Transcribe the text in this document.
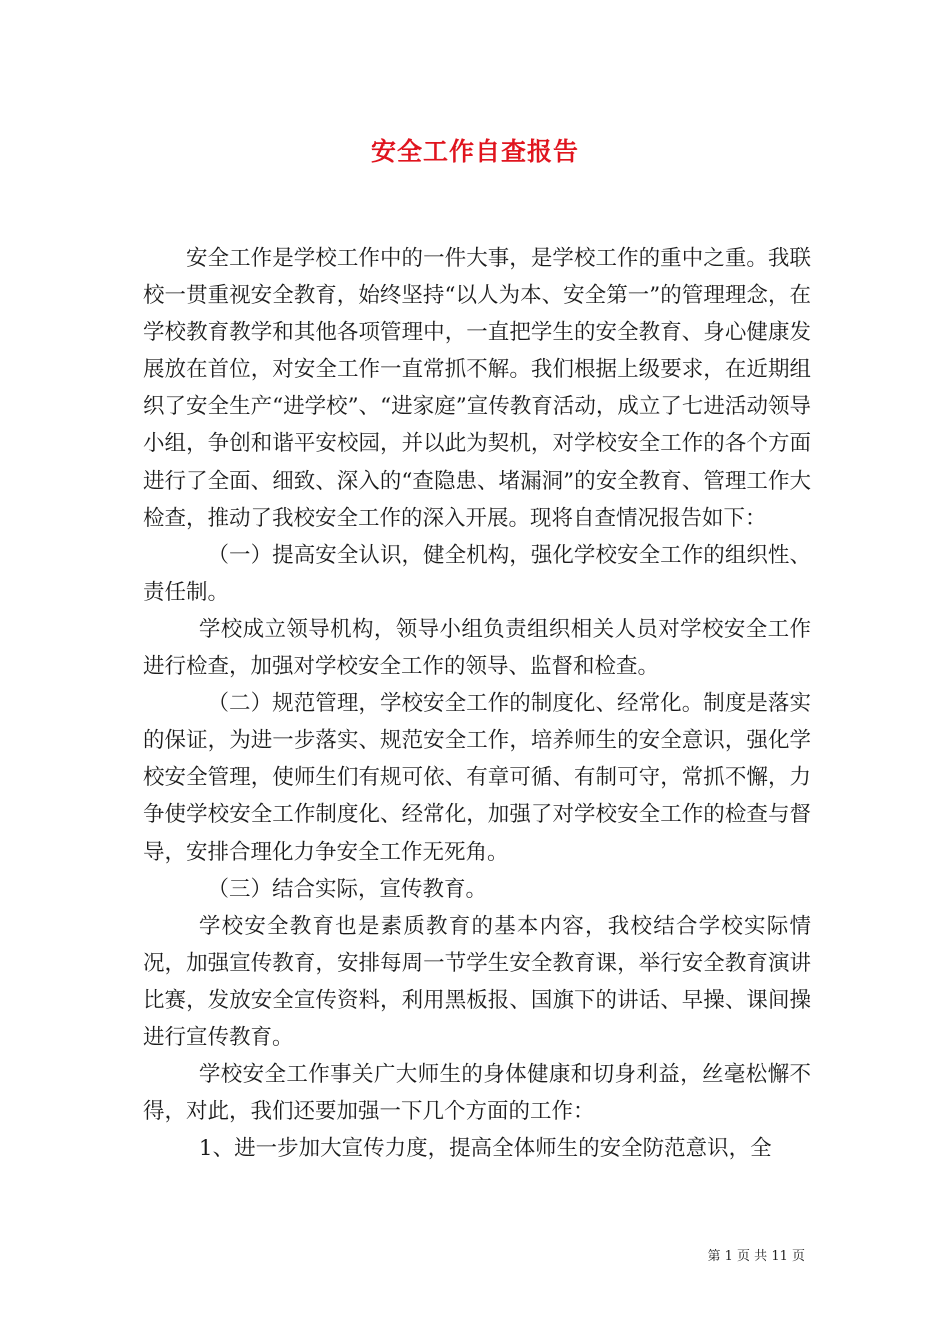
安全工作自查报告

安全工作是学校工作中的一件大事，是学校工作的重中之重。我联校一贯重视安全教育，始终坚持“以人为本、安全第一”的管理理念，在学校教育教学和其他各项管理中，一直把学生的安全教育、身心健康发展放在首位，对安全工作一直常抓不解。我们根据上级要求，在近期组织了安全生产“进学校”、“进家庭”宣传教育活动，成立了七进活动领导小组，争创和谐平安校园，并以此为契机，对学校安全工作的各个方面进行了全面、细致、深入的“查隐患、堵漏洞”的安全教育、管理工作大检查，推动了我校安全工作的深入开展。现将自查情况报告如下：

（一）提高安全认识，健全机构，强化学校安全工作的组织性、责任制。

学校成立领导机构，领导小组负责组织相关人员对学校安全工作进行检查，加强对学校安全工作的领导、监督和检查。

（二）规范管理，学校安全工作的制度化、经常化。制度是落实的保证，为进一步落实、规范安全工作，培养师生的安全意识，强化学校安全管理，使师生们有规可依、有章可循、有制可守，常抓不懈，力争使学校安全工作制度化、经常化，加强了对学校安全工作的检查与督导，安排合理化力争安全工作无死角。

（三）结合实际，宣传教育。

学校安全教育也是素质教育的基本内容，我校结合学校实际情况，加强宣传教育，安排每周一节学生安全教育课，举行安全教育演讲比赛，发放安全宣传资料，利用黑板报、国旗下的讲话、早操、课间操进行宣传教育。

学校安全工作事关广大师生的身体健康和切身利益，丝毫松懈不得，对此，我们还要加强一下几个方面的工作：

1、进一步加大宣传力度，提高全体师生的安全防范意识，全

第 1 页 共 11 页
